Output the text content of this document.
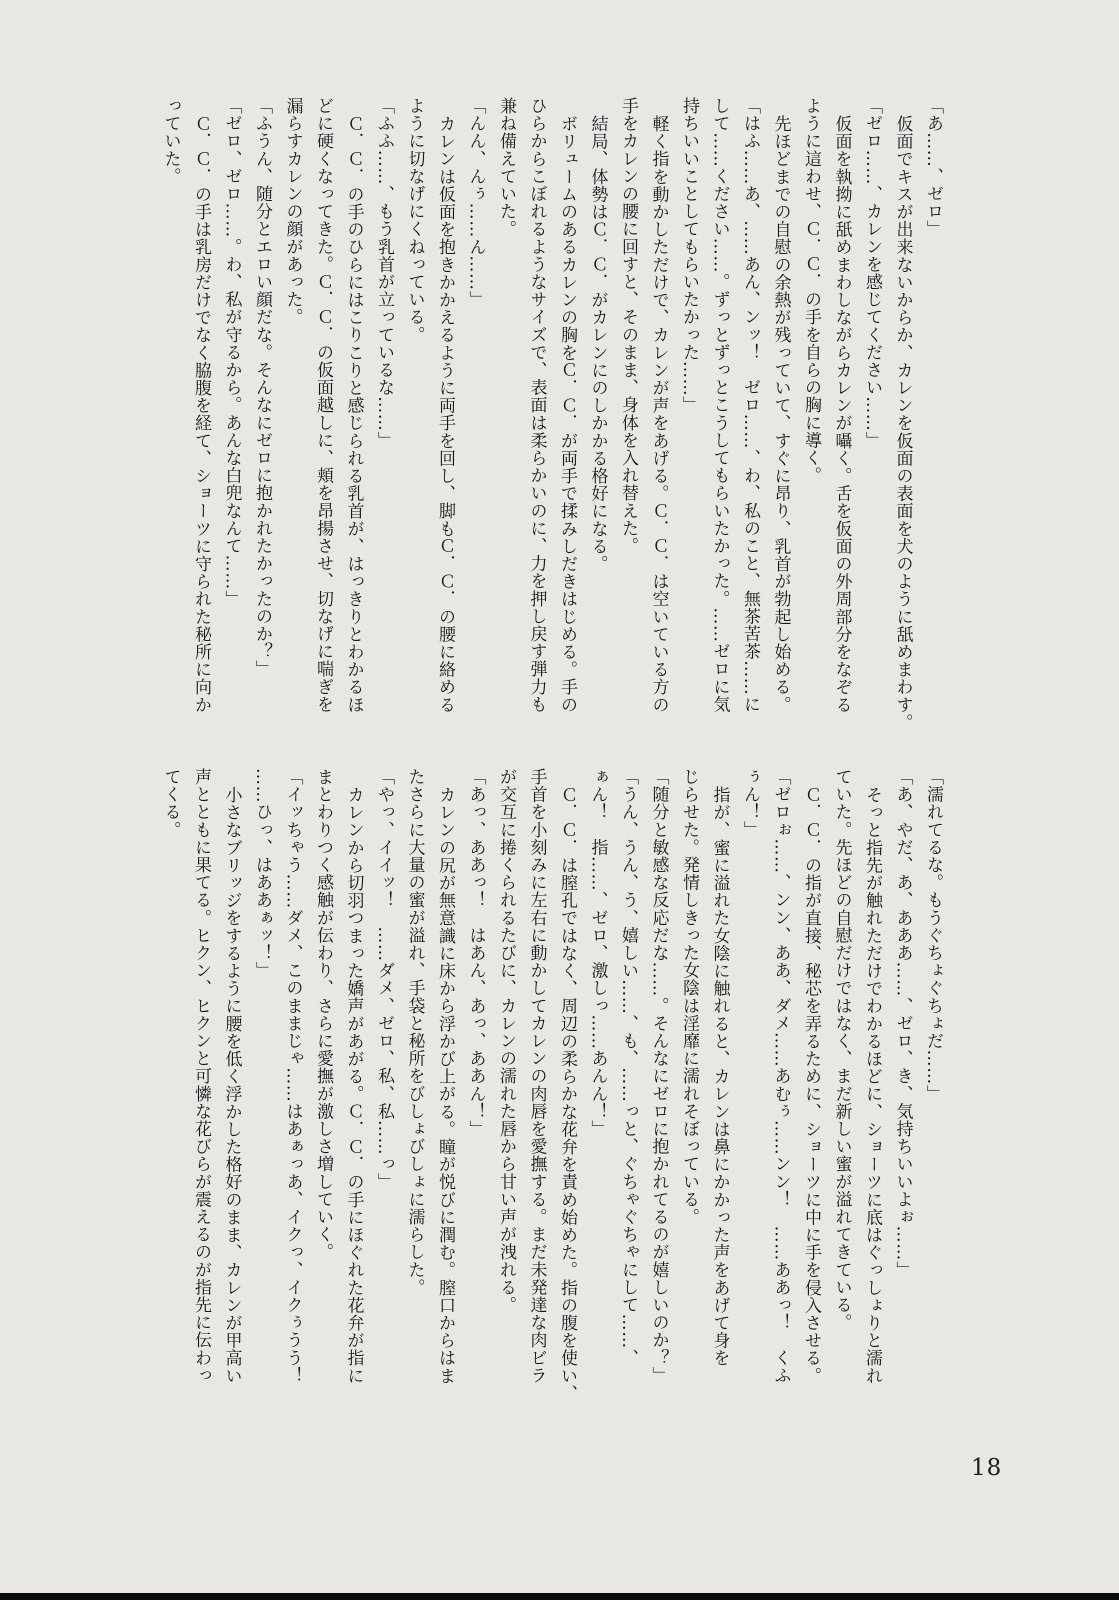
「あ……、ゼロ」
仮面でキスが出来ないからか、カレンを仮面の表面を犬のように舐めまわす。
「ゼロ……、カレンを感じてください……」
仮面を執拗に舐めまわしながらカレンが囁く。舌を仮面の外周部分をなぞる
ように這わせ、Ｃ．Ｃ．の手を自らの胸に導く。
先ほどまでの自慰の余熱が残っていて、すぐに昂り、乳首が勃起し始める。
「はふ……あ、……あん、ンッ！　ゼロ……、わ、私のこと、無茶苦茶……に
して……ください……。ずっとずっとこうしてもらいたかった。……ゼロに気
持ちいいことしてもらいたかった……」
軽く指を動かしただけで、カレンが声をあげる。Ｃ．Ｃ．は空いている方の
手をカレンの腰に回すと、そのまま、身体を入れ替えた。
結局、体勢はＣ．Ｃ．がカレンにのしかかる格好になる。
ボリュームのあるカレンの胸をＣ．Ｃ．が両手で揉みしだきはじめる。手の
ひらからこぼれるようなサイズで、表面は柔らかいのに、力を押し戻す弾力も
兼ね備えていた。
「んん、んぅ……ん……」
カレンは仮面を抱きかかえるように両手を回し、脚もＣ．Ｃ．の腰に絡める
ように切なげにくねっている。
「ふふ……、もう乳首が立っているな……」
Ｃ．Ｃ．の手のひらにはこりこりと感じられる乳首が、はっきりとわかるほ
どに硬くなってきた。Ｃ．Ｃ．の仮面越しに、頬を昂揚させ、切なげに喘ぎを
漏らすカレンの顔があった。
「ふうん、随分とエロい顔だな。そんなにゼロに抱かれたかったのか？」
「ゼロ、ゼロ……。わ、私が守るから。あんな白兜なんて……」
Ｃ．Ｃ．の手は乳房だけでなく脇腹を経て、ショーツに守られた秘所に向か
っていた。
「濡れてるな。もうぐちょぐちょだ……」
「あ、やだ、あ、あああ……、ゼロ、き、気持ちいいよぉ……」
そっと指先が触れただけでわかるほどに、ショーツに底はぐっしょりと濡れ
ていた。先ほどの自慰だけではなく、まだ新しい蜜が溢れてきている。
Ｃ．Ｃ．の指が直接、秘芯を弄るために、ショーツに中に手を侵入させる。
「ゼロぉ……、ンン、ああ、ダメ……あむぅ……ンン！　……ああっ！　くふ
ぅん！」
指が、蜜に溢れた女陰に触れると、カレンは鼻にかかった声をあげて身を
じらせた。発情しきった女陰は淫靡に濡れそぼっている。
「随分と敏感な反応だな……。そんなにゼロに抱かれてるのが嬉しいのか？」
「うん、うん、う、嬉しい……、も、……っと、ぐちゃぐちゃにして……、
ぁん！　指……、ゼロ、激しっ……あんん！」
Ｃ．Ｃ．は膣孔ではなく、周辺の柔らかな花弁を責め始めた。指の腹を使い、
手首を小刻みに左右に動かしてカレンの肉唇を愛撫する。まだ未発達な肉ビラ
が交互に捲くられるたびに、カレンの濡れた唇から甘い声が洩れる。
「あっ、ああっ！　はあん、あっ、ああん！」
カレンの尻が無意識に床から浮かび上がる。瞳が悦びに潤む。膣口からはま
たさらに大量の蜜が溢れ、手袋と秘所をびしょびしょに濡らした。
「やっ、イイッ！　……ダメ、ゼロ、私、私……っ」
カレンから切羽つまった嬌声があがる。Ｃ．Ｃ．の手にほぐれた花弁が指に
まとわりつく感触が伝わり、さらに愛撫が激しさ増していく。
「イッちゃう……ダメ、このままじゃ……はあぁっあ、イクっ、イクぅうう！
……ひっ、はああぁッ！」
小さなブリッジをするように腰を低く浮かした格好のまま、カレンが甲高い
声とともに果てる。ヒクン、ヒクンと可憐な花びらが震えるのが指先に伝わっ
てくる。
18
